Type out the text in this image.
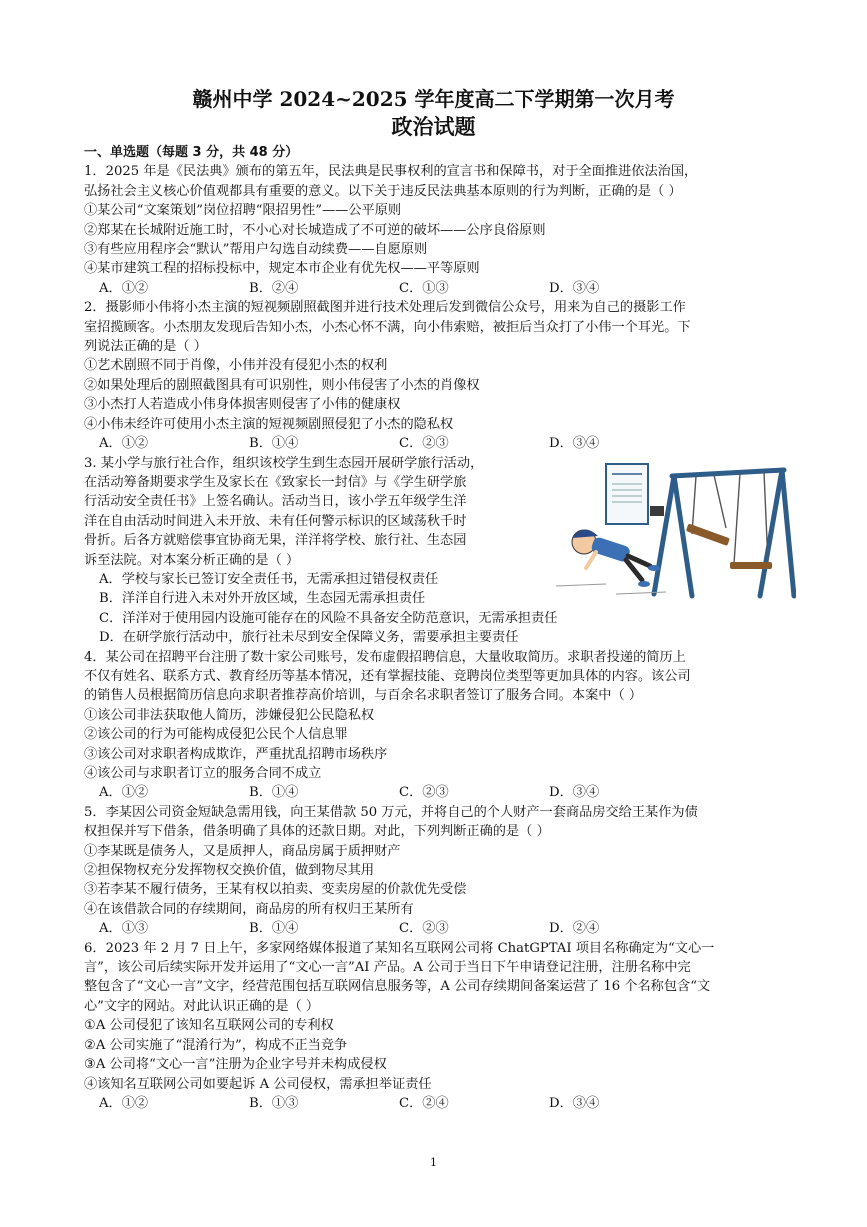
赣州中学 2024~2025 学年度高二下学期第一次月考
政治试题
一、单选题（每题 3 分，共 48 分）
1．2025 年是《民法典》颁布的第五年，民法典是民事权利的宣言书和保障书，对于全面推进依法治国，
弘扬社会主义核心价值观都具有重要的意义。以下关于违反民法典基本原则的行为判断，正确的是（ ）
①某公司“文案策划”岗位招聘“限招男性”——公平原则
②郑某在长城附近施工时，不小心对长城造成了不可逆的破坏——公序良俗原则
③有些应用程序会“默认”帮用户勾选自动续费——自愿原则
④某市建筑工程的招标投标中，规定本市企业有优先权——平等原则
A．①②	B．②④	C．①③	D．③④
2．摄影师小伟将小杰主演的短视频剧照截图并进行技术处理后发到微信公众号，用来为自己的摄影工作
室招揽顾客。小杰朋友发现后告知小杰，小杰心怀不满，向小伟索赔，被拒后当众打了小伟一个耳光。下
列说法正确的是（ ）
①艺术剧照不同于肖像，小伟并没有侵犯小杰的权利
②如果处理后的剧照截图具有可识别性，则小伟侵害了小杰的肖像权
③小杰打人若造成小伟身体损害则侵害了小伟的健康权
④小伟未经许可使用小杰主演的短视频剧照侵犯了小杰的隐私权
A．①②	B．①④	C．②③	D．③④
3. 某小学与旅行社合作，组织该校学生到生态园开展研学旅行活动，
在活动筹备期要求学生及家长在《致家长一封信》与《学生研学旅
行活动安全责任书》上签名确认。活动当日，该小学五年级学生洋
洋在自由活动时间进入未开放、未有任何警示标识的区域荡秋千时
骨折。后各方就赔偿事宜协商无果，洋洋将学校、旅行社、生态园
诉至法院。对本案分析正确的是（ ）
A．学校与家长已签订安全责任书，无需承担过错侵权责任
B．洋洋自行进入未对外开放区域，生态园无需承担责任
C．洋洋对于使用园内设施可能存在的风险不具备安全防范意识，无需承担责任
D．在研学旅行活动中，旅行社未尽到安全保障义务，需要承担主要责任
4．某公司在招聘平台注册了数十家公司账号，发布虚假招聘信息，大量收取简历。求职者投递的简历上
不仅有姓名、联系方式、教育经历等基本情况，还有掌握技能、竞聘岗位类型等更加具体的内容。该公司
的销售人员根据简历信息向求职者推荐高价培训，与百余名求职者签订了服务合同。本案中（ ）
①该公司非法获取他人简历，涉嫌侵犯公民隐私权
②该公司的行为可能构成侵犯公民个人信息罪
③该公司对求职者构成欺诈，严重扰乱招聘市场秩序
④该公司与求职者订立的服务合同不成立
A．①②	B．①④	C．②③	D．③④
5．李某因公司资金短缺急需用钱，向王某借款 50 万元，并将自己的个人财产一套商品房交给王某作为债
权担保并写下借条，借条明确了具体的还款日期。对此，下列判断正确的是（ ）
①李某既是债务人，又是质押人，商品房属于质押财产
②担保物权充分发挥物权交换价值，做到物尽其用
③若李某不履行债务，王某有权以拍卖、变卖房屋的价款优先受偿
④在该借款合同的存续期间，商品房的所有权归王某所有
A．①③	B．①④	C．②③	D．②④
6．2023 年 2 月 7 日上午，多家网络媒体报道了某知名互联网公司将 ChatGPTAI 项目名称确定为“文心一
言”，该公司后续实际开发并运用了“文心一言”AI 产品。A 公司于当日下午申请登记注册，注册名称中完
整包含了“文心一言”文字，经营范围包括互联网信息服务等，A 公司存续期间备案运营了 16 个名称包含“文
心”文字的网站。对此认识正确的是（ ）
①A 公司侵犯了该知名互联网公司的专利权
②A 公司实施了“混淆行为”，构成不正当竞争
③A 公司将“文心一言”注册为企业字号并未构成侵权
④该知名互联网公司如要起诉 A 公司侵权，需承担举证责任
A．①②	B．①③	C．②④	D．③④
1
